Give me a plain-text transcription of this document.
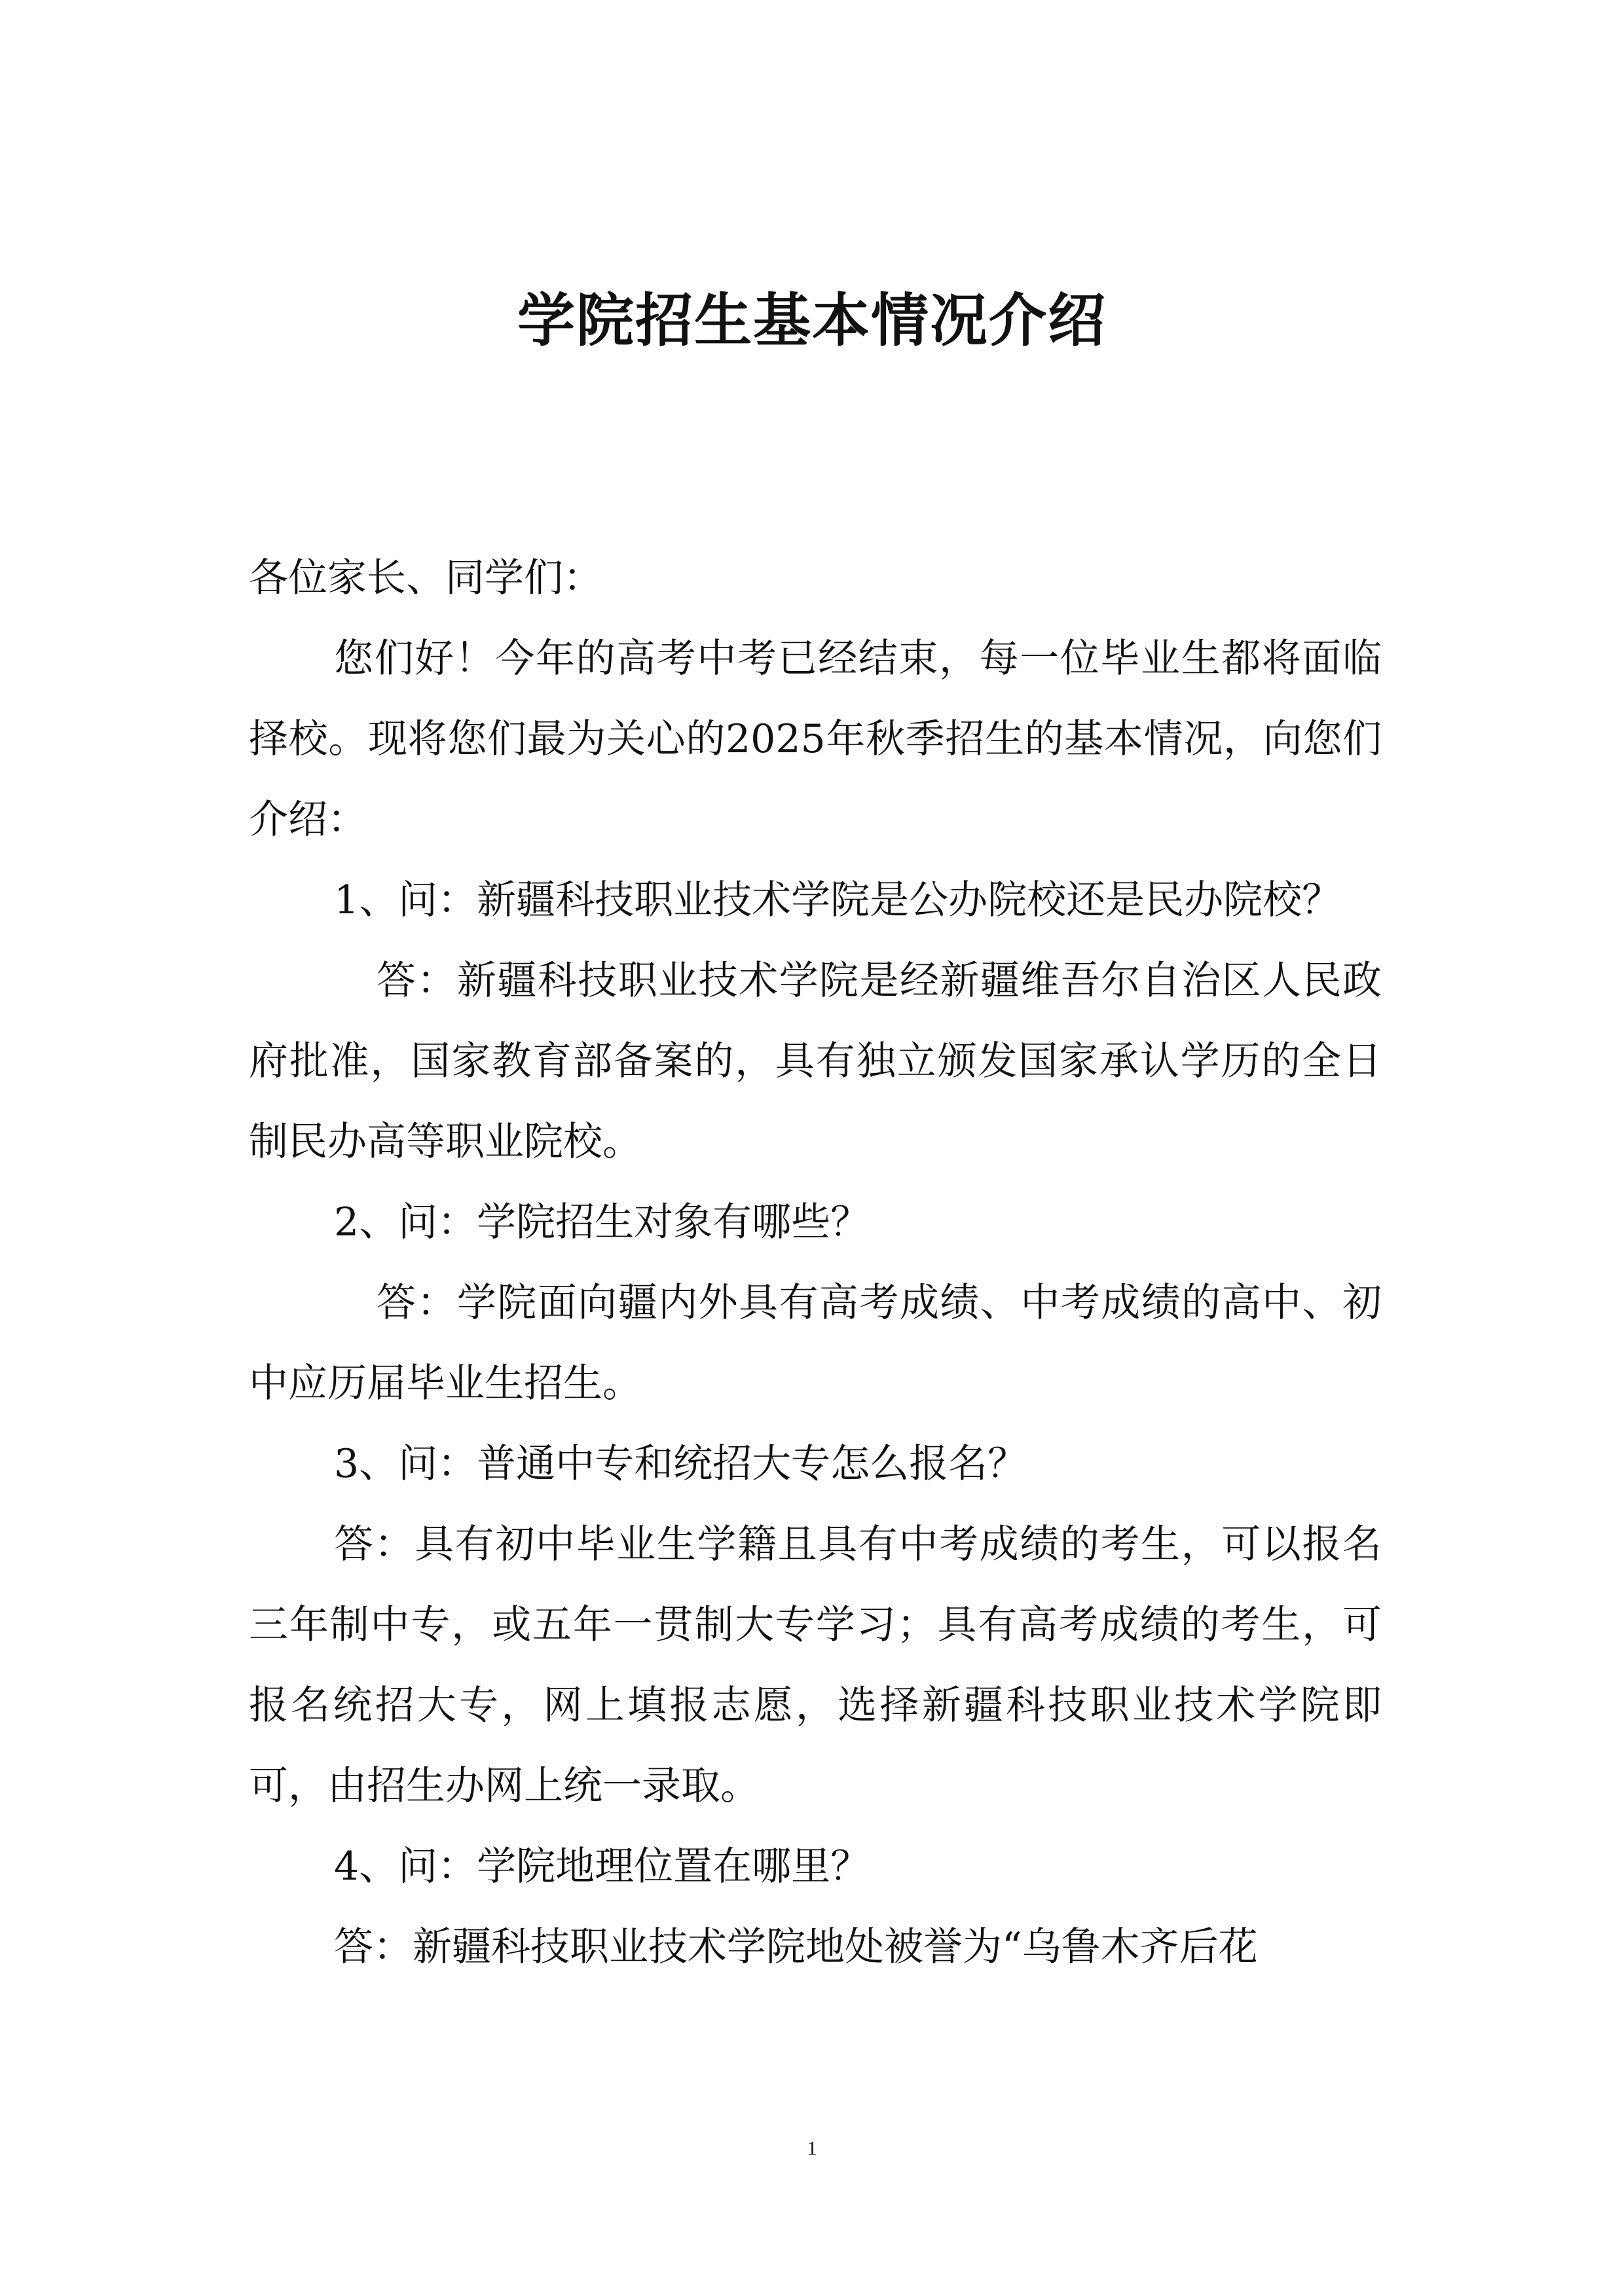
学院招生基本情况介绍

各位家长、同学们：

您们好！今年的高考中考已经结束，每一位毕业生都将面临择校。现将您们最为关心的2025年秋季招生的基本情况，向您们介绍：

1、问：新疆科技职业技术学院是公办院校还是民办院校？

答：新疆科技职业技术学院是经新疆维吾尔自治区人民政府批准，国家教育部备案的，具有独立颁发国家承认学历的全日制民办高等职业院校。

2、问：学院招生对象有哪些？

答：学院面向疆内外具有高考成绩、中考成绩的高中、初中应历届毕业生招生。

3、问：普通中专和统招大专怎么报名？

答：具有初中毕业生学籍且具有中考成绩的考生，可以报名三年制中专，或五年一贯制大专学习；具有高考成绩的考生，可报名统招大专，网上填报志愿，选择新疆科技职业技术学院即可，由招生办网上统一录取。

4、问：学院地理位置在哪里？

答：新疆科技职业技术学院地处被誉为“乌鲁木齐后花

1
